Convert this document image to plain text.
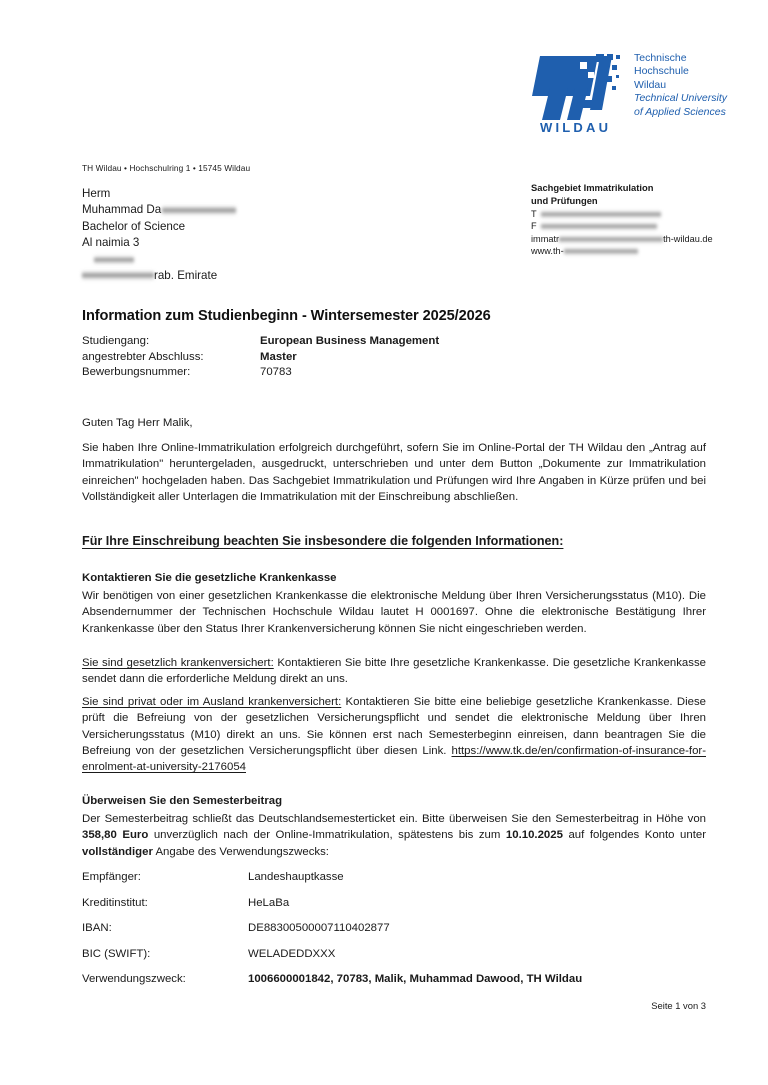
WILDAU
Technische
Hochschule
Wildau
Technical University
of Applied Sciences
TH Wildau • Hochschulring 1 • 15745 Wildau
Herm
Muhammad Da
Bachelor of Science
Al naimia 3
rab. Emirate
Sachgebiet Immatrikulation
und Prüfungen
T
F
immatr	th-wildau.de
www.th-
Information zum Studienbeginn - Wintersemester 2025/2026
Studiengang:	European Business Management
angestrebter Abschluss:	Master
Bewerbungsnummer:	70783
Guten Tag Herr Malik,
Sie haben Ihre Online-Immatrikulation erfolgreich durchgeführt, sofern Sie im Online-Portal der TH Wildau den „Antrag auf Immatrikulation" heruntergeladen, ausgedruckt, unterschrieben und unter dem Button „Dokumente zur Immatrikulation einreichen" hochgeladen haben. Das Sachgebiet Immatrikulation und Prüfungen wird Ihre Angaben in Kürze prüfen und bei Vollständigkeit aller Unterlagen die Immatrikulation mit der Einschreibung abschließen.
Für Ihre Einschreibung beachten Sie insbesondere die folgenden Informationen:
Kontaktieren Sie die gesetzliche Krankenkasse
Wir benötigen von einer gesetzlichen Krankenkasse die elektronische Meldung über Ihren Versicherungsstatus (M10). Die Absendernummer der Technischen Hochschule Wildau lautet H 0001697. Ohne die elektronische Bestätigung Ihrer Krankenkasse über den Status Ihrer Krankenversicherung können Sie nicht eingeschrieben werden.
Sie sind gesetzlich krankenversichert: Kontaktieren Sie bitte Ihre gesetzliche Krankenkasse. Die gesetzliche Krankenkasse sendet dann die erforderliche Meldung direkt an uns.
Sie sind privat oder im Ausland krankenversichert: Kontaktieren Sie bitte eine beliebige gesetzliche Krankenkasse. Diese prüft die Befreiung von der gesetzlichen Versicherungspflicht und sendet die elektronische Meldung über Ihren Versicherungsstatus (M10) direkt an uns. Sie können erst nach Semesterbeginn einreisen, dann beantragen Sie die Befreiung von der gesetzlichen Versicherungspflicht über diesen Link. https://www.tk.de/en/confirmation-of-insurance-for-enrolment-at-university-2176054
Überweisen Sie den Semesterbeitrag
Der Semesterbeitrag schließt das Deutschlandsemesterticket ein. Bitte überweisen Sie den Semesterbeitrag in Höhe von 358,80 Euro unverzüglich nach der Online-Immatrikulation, spätestens bis zum 10.10.2025 auf folgendes Konto unter vollständiger Angabe des Verwendungszwecks:
Empfänger:	Landeshauptkasse
Kreditinstitut:	HeLaBa
IBAN:	DE88300500007110402877
BIC (SWIFT):	WELADEDDXXX
Verwendungszweck:	1006600001842, 70783, Malik, Muhammad Dawood, TH Wildau
Seite 1 von 3
